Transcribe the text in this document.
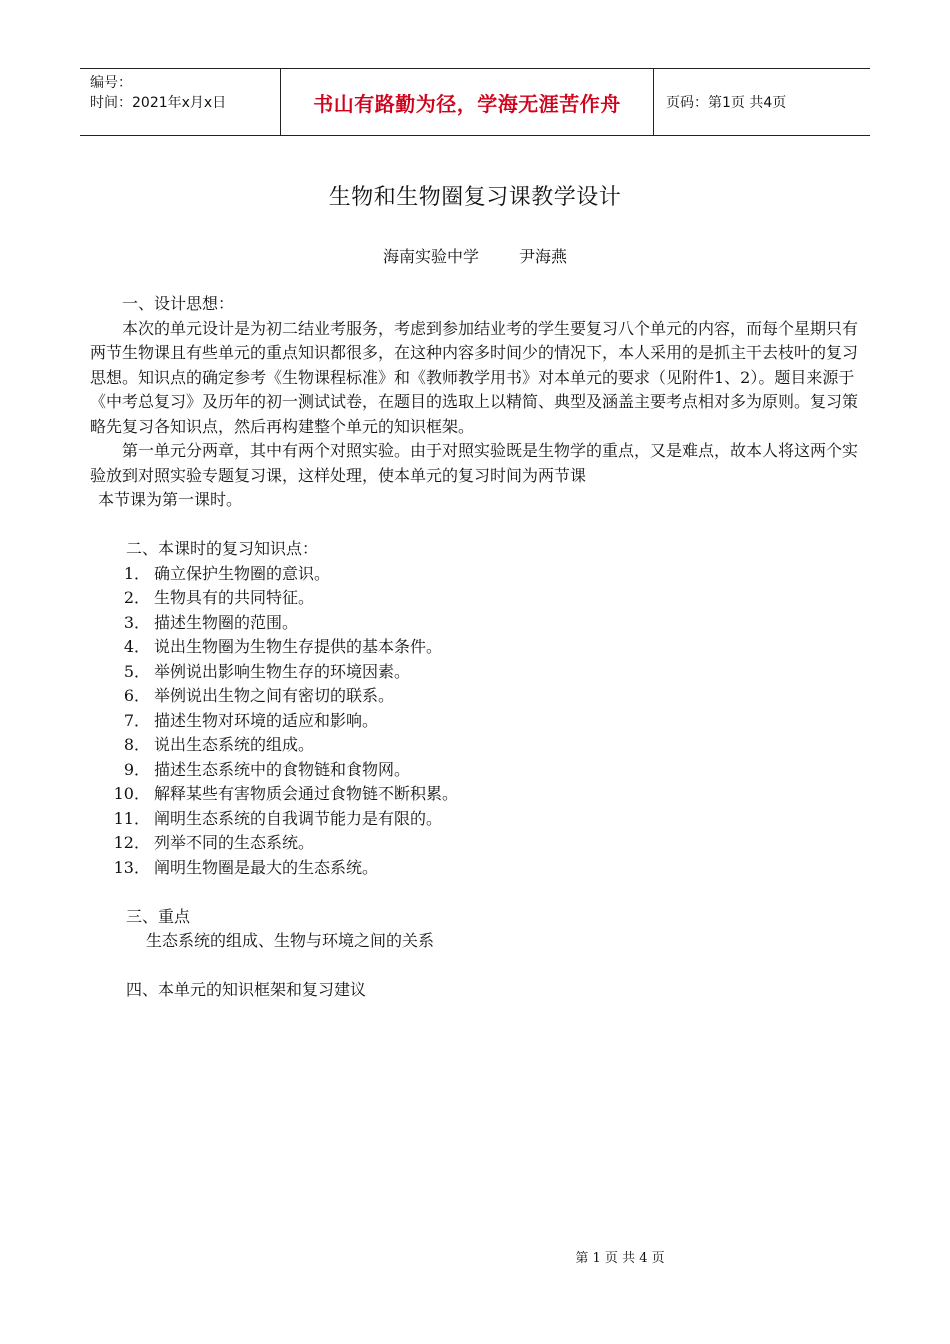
编号：
时间：2021年x月x日	书山有路勤为径，学海无涯苦作舟	页码：第1页 共4页
生物和生物圈复习课教学设计
海南实验中学	尹海燕

一、设计思想：

本次的单元设计是为初二结业考服务，考虑到参加结业考的学生要复习八个单元的内容，而每个星期只有两节生物课且有些单元的重点知识都很多，在这种内容多时间少的情况下，本人采用的是抓主干去枝叶的复习思想。知识点的确定参考《生物课程标准》和《教师教学用书》对本单元的要求（见附件1、2）。题目来源于《中考总复习》及历年的初一测试试卷，在题目的选取上以精简、典型及涵盖主要考点相对多为原则。复习策略先复习各知识点，然后再构建整个单元的知识框架。

第一单元分两章，其中有两个对照实验。由于对照实验既是生物学的重点，又是难点，故本人将这两个实验放到对照实验专题复习课，这样处理，使本单元的复习时间为两节课

本节课为第一课时。

二、本课时的复习知识点：

1． 确立保护生物圈的意识。
2． 生物具有的共同特征。
3． 描述生物圈的范围。
4． 说出生物圈为生物生存提供的基本条件。
5． 举例说出影响生物生存的环境因素。
6． 举例说出生物之间有密切的联系。
7． 描述生物对环境的适应和影响。
8． 说出生态系统的组成。
9． 描述生态系统中的食物链和食物网。
10． 解释某些有害物质会通过食物链不断积累。
11． 阐明生态系统的自我调节能力是有限的。
12． 列举不同的生态系统。
13． 阐明生物圈是最大的生态系统。

三、重点

生态系统的组成、生物与环境之间的关系

四、本单元的知识框架和复习建议

第 1 页 共 4 页
